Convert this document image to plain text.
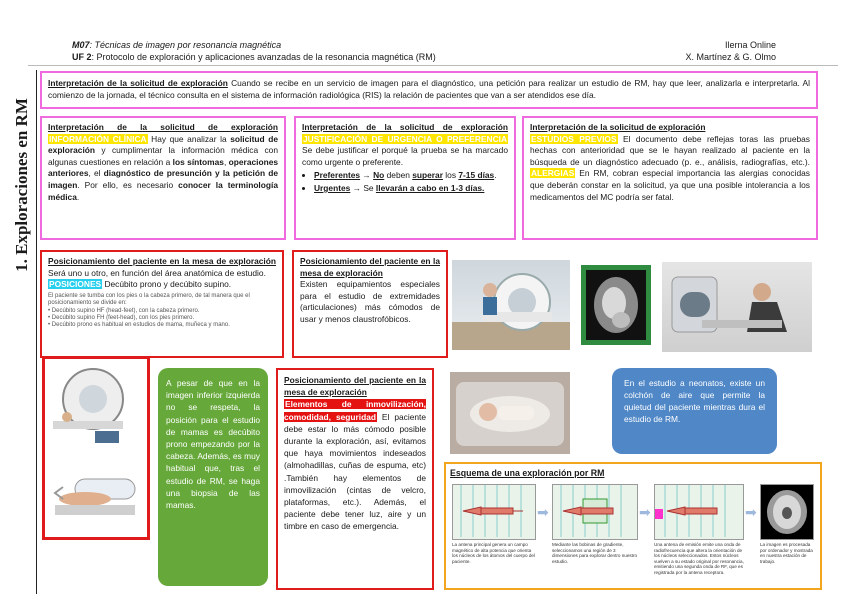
M07: Técnicas de imagen por resonancia magnética
UF 2: Protocolo de exploración y aplicaciones avanzadas de la resonancia magnética (RM)
Ilerna Online
X. Martínez & G. Olmo
1. Exploraciones en RM
Interpretación de la solicitud de exploración Cuando se recibe en un servicio de imagen para el diagnóstico, una petición para realizar un estudio de RM, hay que leer, analizarla e interpretarla. Al comienzo de la jornada, el técnico consulta en el sistema de información radiológica (RIS) la relación de pacientes que van a ser atendidos ese día.
Interpretación de la solicitud de exploración INFORMACIÓN CLÍNICA Hay que analizar la solicitud de exploración y cumplimentar la información médica con algunas cuestiones en relación a los síntomas, operaciones anteriores, el diagnóstico de presunción y la petición de imagen. Por ello, es necesario conocer la terminología médica.
Interpretación de la solicitud de exploración JUSTIFICACIÓN DE URGENCIA O PREFERENCIA Se debe justificar el porqué la prueba se ha marcado como urgente o preferente.
• Preferentes → No deben superar los 7-15 días.
• Urgentes → Se llevarán a cabo en 1-3 días.
Interpretación de la solicitud de exploración
ESTUDIOS PREVIOS El documento debe reflejas toras las pruebas hechas con anterioridad que se le hayan realizado al paciente en la búsqueda de un diagnóstico adecuado (p. e., análisis, radiografías, etc.). ALERGIAS En RM, cobran especial importancia las alergias conocidas que deberán constar en la solicitud, ya que una posible intolerancia a los medicamentos del MC podría ser fatal.
Posicionamiento del paciente en la mesa de exploración Será uno u otro, en función del área anatómica de estudio.
POSICIONES Decúbito prono y decúbito supino.
El paciente se tumba con los pies o la cabeza primero, de tal manera que el posicionamiento se divide en:
• Decúbito supino HF (head-feet), con la cabeza primero.
• Decúbito supino FH (feet-head), con los pies primero.
• Decúbito prono es habitual en estudios de mama, muñeca y mano.
Posicionamiento del paciente en la mesa de exploración
Existen equipamientos especiales para el estudio de extremidades (articulaciones) más cómodos de usar y menos claustrofóbicos.
A pesar de que en la imagen inferior izquierda no se respeta, la posición para el estudio de mamas es decúbito prono empezando por la cabeza. Además, es muy habitual que, tras el estudio de RM, se haga una biopsia de las mamas.
Posicionamiento del paciente en la mesa de exploración
Elementos de inmovilización, comodidad, seguridad El paciente debe estar lo más cómodo posible durante la exploración, así, evitamos que haya movimientos indeseados (almohadillas, cuñas de espuma, etc) .También hay elementos de inmovilización (cintas de velcro, plataformas, etc.). Además, el paciente debe tener luz, aire y un timbre en caso de emergencia.
En el estudio a neonatos, existe un colchón de aire que permite la quietud del paciente mientras dura el estudio de RM.
Esquema de una exploración por RM
➡	➡	➡
La antena principal genera un campo magnético de alta potencia que orienta los núcleos de los átomos del cuerpo del paciente.
Mediante las bobinas de gradiente, seleccionamos una región de 3 dimensiones para explorar dentro nuestro estudio.
Una antena de emisión emite una onda de radiofrecuencia que altera la orientación de los núcleos seleccionados. Estos núcleos vuelven a su estado original por resonancia, emitiendo una segunda onda de RF, que es registrada por la antena receptora.
La imagen es procesada por ordenador y mostrada en nuestra estación de trabajo.
